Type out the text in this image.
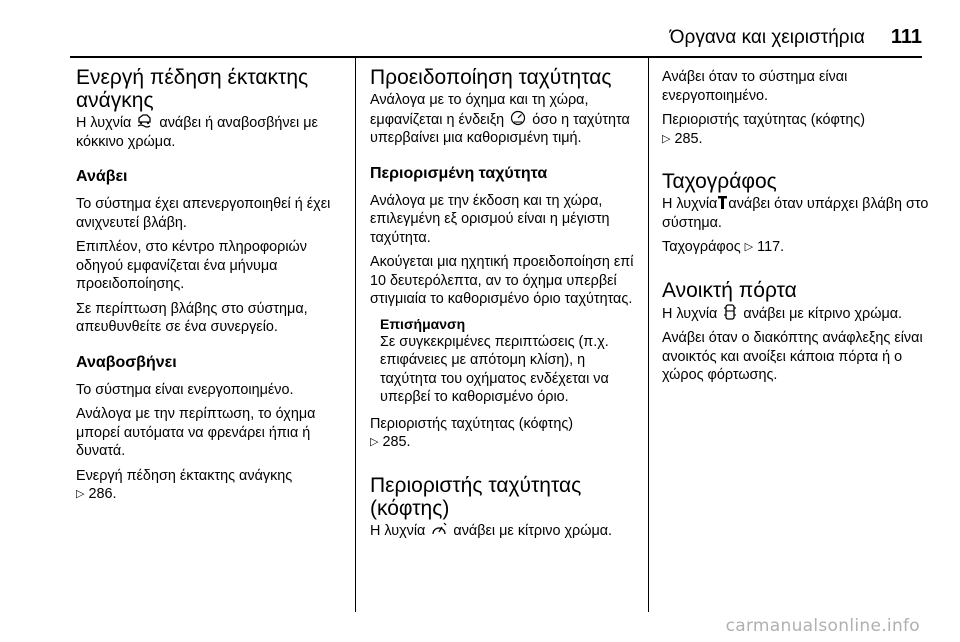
Όργανα και χειριστήρια 111
Ενεργή πέδηση έκτακτης ανάγκης

Η λυχνία ανάβει ή αναβοσβήνει με κόκκινο χρώμα.

Ανάβει

Το σύστημα έχει απενεργοποιηθεί ή έχει ανιχνευτεί βλάβη.

Επιπλέον, στο κέντρο πληροφοριών οδηγού εμφανίζεται ένα μήνυμα προειδοποίησης.

Σε περίπτωση βλάβης στο σύστημα, απευθυνθείτε σε ένα συνεργείο.

Αναβοσβήνει

Το σύστημα είναι ενεργοποιημένο.

Ανάλογα με την περίπτωση, το όχημα μπορεί αυτόματα να φρενάρει ήπια ή δυνατά.

Ενεργή πέδηση έκτακτης ανάγκης
▷ 286.

Προειδοποίηση ταχύτητας

Ανάλογα με το όχημα και τη χώρα, εμφανίζεται η ένδειξη όσο η ταχύτητα υπερβαίνει μια καθορισμένη τιμή.

Περιορισμένη ταχύτητα

Ανάλογα με την έκδοση και τη χώρα, επιλεγμένη εξ ορισμού είναι η μέγιστη ταχύτητα.

Ακούγεται μια ηχητική προειδοποίηση επί 10 δευτερόλεπτα, αν το όχημα υπερβεί στιγμιαία το καθορισμένο όριο ταχύτητας.

Επισήμανση

Σε συγκεκριμένες περιπτώσεις (π.χ. επιφάνειες με απότομη κλίση), η ταχύτητα του οχήματος ενδέχεται να υπερβεί το καθορισμένο όριο.

Περιοριστής ταχύτητας (κόφτης)
▷ 285.

Περιοριστής ταχύτητας (κόφτης)

Η λυχνία ανάβει με κίτρινο χρώμα.

Ανάβει όταν το σύστημα είναι ενεργοποιημένο.

Περιοριστής ταχύτητας (κόφτης)
▷ 285.

Ταχογράφος

Η λυχνία ανάβει όταν υπάρχει βλάβη στο σύστημα.

Ταχογράφος ▷ 117.

Ανοικτή πόρτα

Η λυχνία ανάβει με κίτρινο χρώμα.

Ανάβει όταν ο διακόπτης ανάφλεξης είναι ανοικτός και ανοίξει κάποια πόρτα ή ο χώρος φόρτωσης.

carmanualsonline.info
